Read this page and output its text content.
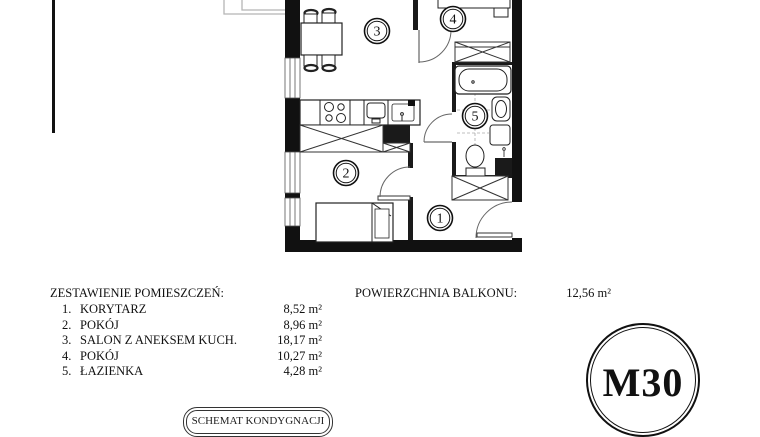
1
2
3
4
5
ZESTAWIENIE POMIESZCZEŃ:
1. KORYTARZ	8,52 m²
2. POKÓJ	8,96 m²
3. SALON Z ANEKSEM KUCH.	18,17 m²
4. POKÓJ	10,27 m²
5. ŁAZIENKA	4,28 m²
POWIERZCHNIA BALKONU:	12,56 m²
M30
SCHEMAT KONDYGNACJI
